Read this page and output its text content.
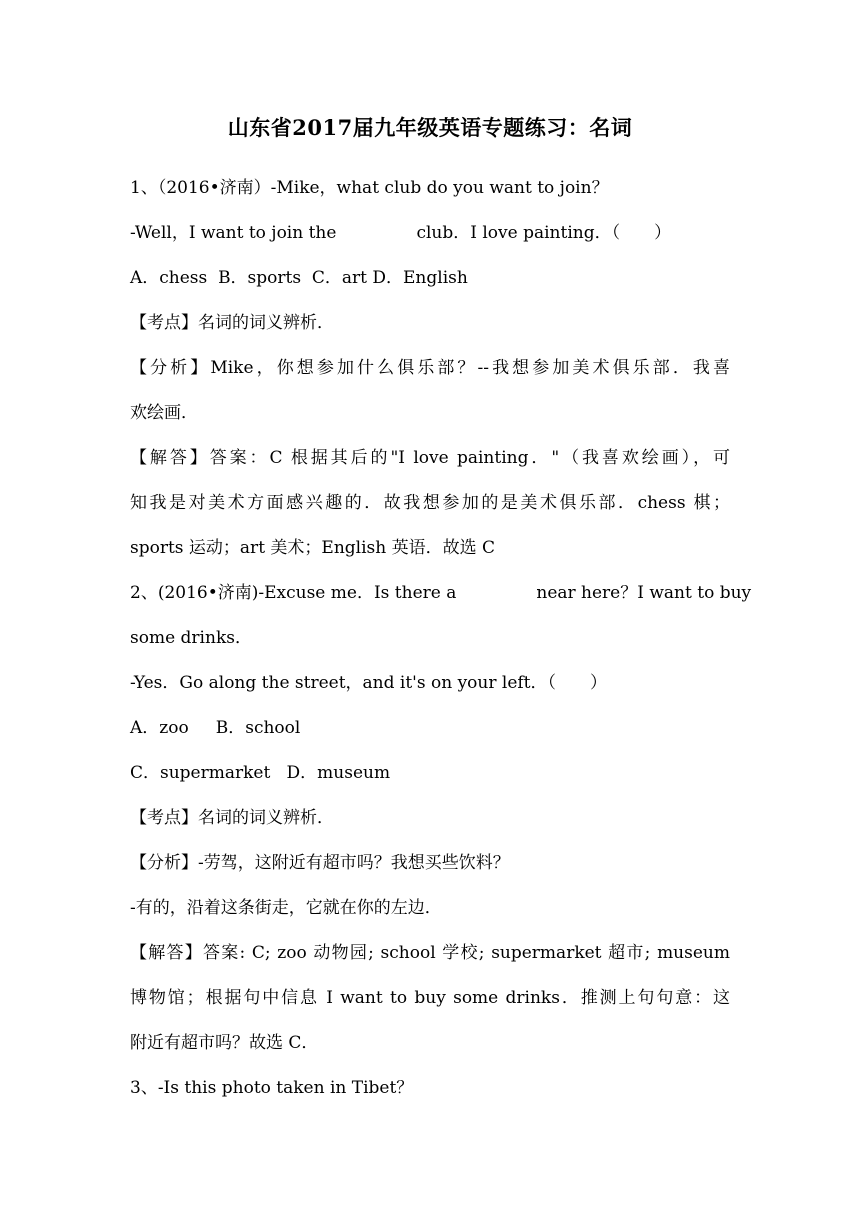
山东省2017届九年级英语专题练习：名词
1、（2016•济南）-Mike，what club do you want to join？
-Well，I want to join the	club．I love painting．（　　）
A．chess  B．sports  C．art D．English
【考点】名词的词义辨析．
【分析】Mike，你想参加什么俱乐部？--我想参加美术俱乐部．我喜
欢绘画．
【解答】答案：C 根据其后的"I love painting．"（我喜欢绘画），可
知我是对美术方面感兴趣的．故我想参加的是美术俱乐部．chess 棋；
sports 运动；art 美术；English 英语．故选 C
2、(2016•济南)-Excuse me．Is there a	near here？I want to buy
some drinks．
-Yes．Go along the street，and it's on your left．（　　）
A．zoo     B．school
C．supermarket   D．museum
【考点】名词的词义辨析．
【分析】-劳驾，这附近有超市吗？我想买些饮料？
-有的，沿着这条街走，它就在你的左边．
【解答】答案: C; zoo 动物园; school 学校; supermarket 超市; museum
博物馆；根据句中信息 I want to buy some drinks．推测上句句意：这
附近有超市吗？故选 C．
3、-Is this photo taken in Tibet？
